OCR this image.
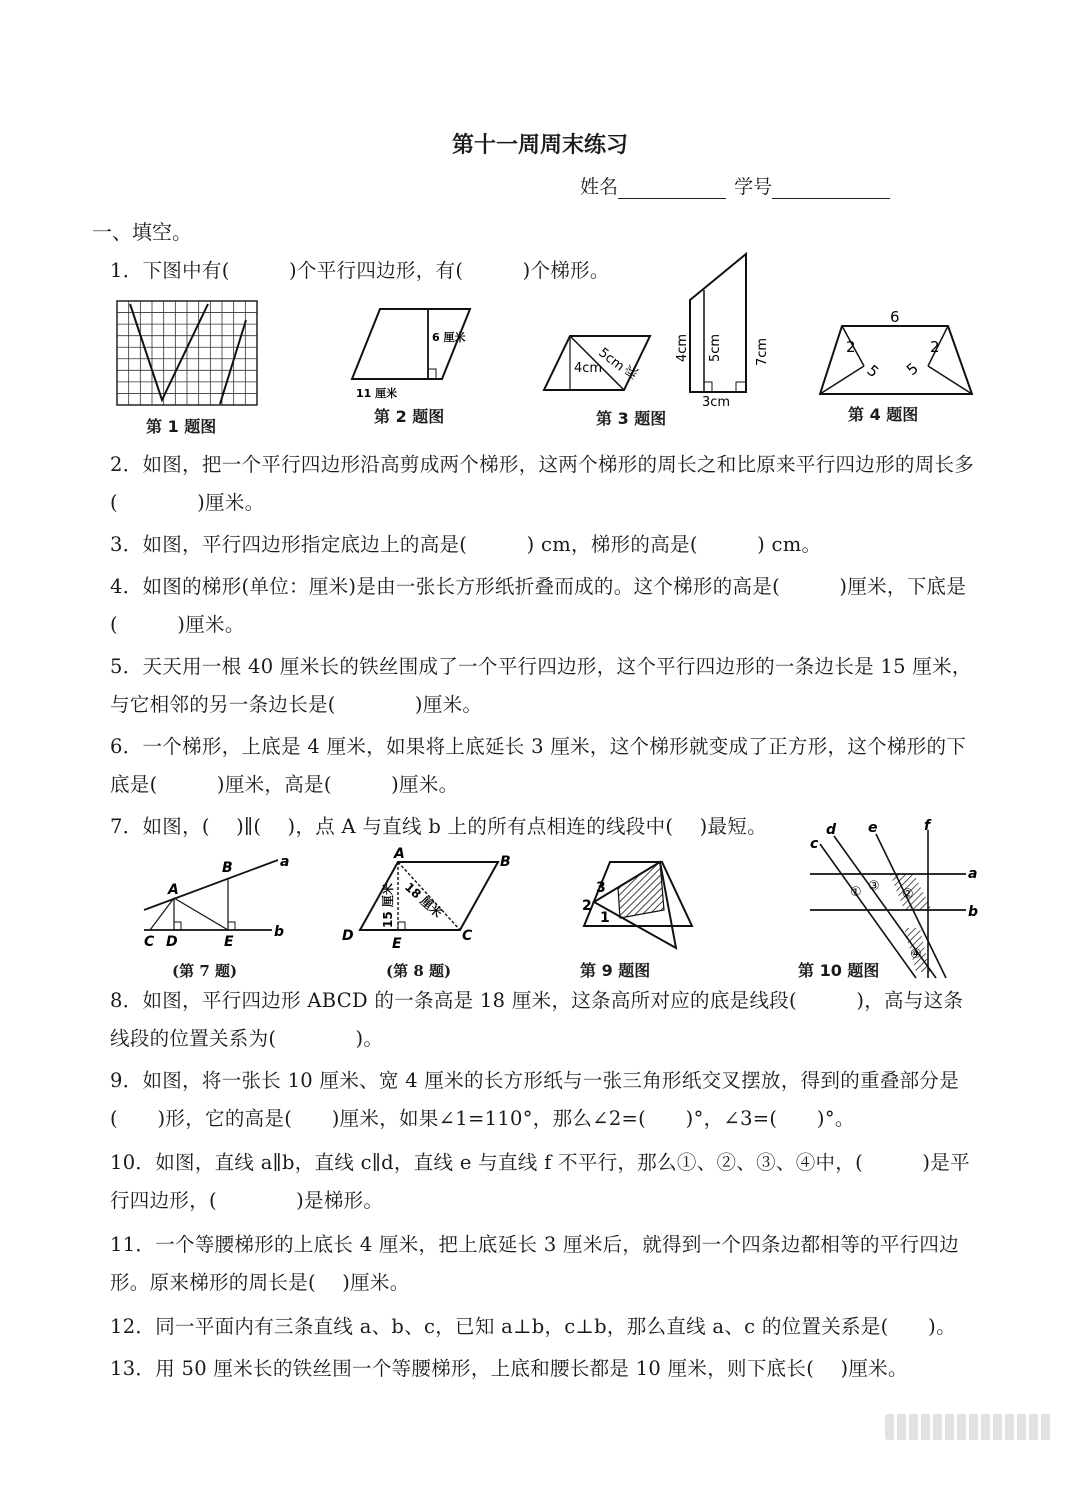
第十一周周末练习
姓名	学号
一、填空。
1．下图中有(　　　)个平行四边形，有(　　　)个梯形。
第 1 题图
6 厘米
11 厘米
第 2 题图
5cm
4cm 底
4cm 5cm 7cm
3cm
第 3 题图
6
2	2
5 5
第 4 题图
2．如图，把一个平行四边形沿高剪成两个梯形，这两个梯形的周长之和比原来平行四边形的周长多(　　　　)厘米。
3．如图，平行四边形指定底边上的高是(　　　) cm，梯形的高是(　　　) cm。
4．如图的梯形(单位：厘米)是由一张长方形纸折叠而成的。这个梯形的高是(　　　)厘米，下底是(　　　)厘米。
5．天天用一根 40 厘米长的铁丝围成了一个平行四边形，这个平行四边形的一条边长是 15 厘米，与它相邻的另一条边长是(　　　　)厘米。
6．一个梯形，上底是 4 厘米，如果将上底延长 3 厘米，这个梯形就变成了正方形，这个梯形的下底是(　　　)厘米，高是(　　　)厘米。
7．如图，(　 )∥(　 )，点 A 与直线 b 上的所有点相连的线段中(　 )最短。
A
B	a
b
C D	E
(第 7 题)
A	B
C
D	E
15 厘米 18 厘米
(第 8 题)
3
2
1
第 9 题图
c
d e	f
a
b
①	②
③
④
第 10 题图
8．如图，平行四边形 ABCD 的一条高是 18 厘米，这条高所对应的底是线段(　　　)，高与这条线段的位置关系为(　　　　)。
9．如图，将一张长 10 厘米、宽 4 厘米的长方形纸与一张三角形纸交叉摆放，得到的重叠部分是(　　)形，它的高是(　　)厘米，如果∠1=110°，那么∠2=(　　)°，∠3=(　　)°。
10．如图，直线 a∥b，直线 c∥d，直线 e 与直线 f 不平行，那么①、②、③、④中，(　　　)是平行四边形，(　　　　)是梯形。
11．一个等腰梯形的上底长 4 厘米，把上底延长 3 厘米后，就得到一个四条边都相等的平行四边形。原来梯形的周长是(　 )厘米。
12．同一平面内有三条直线 a、b、c，已知 a⊥b，c⊥b，那么直线 a、c 的位置关系是(　　)。
13．用 50 厘米长的铁丝围一个等腰梯形，上底和腰长都是 10 厘米，则下底长(　 )厘米。
